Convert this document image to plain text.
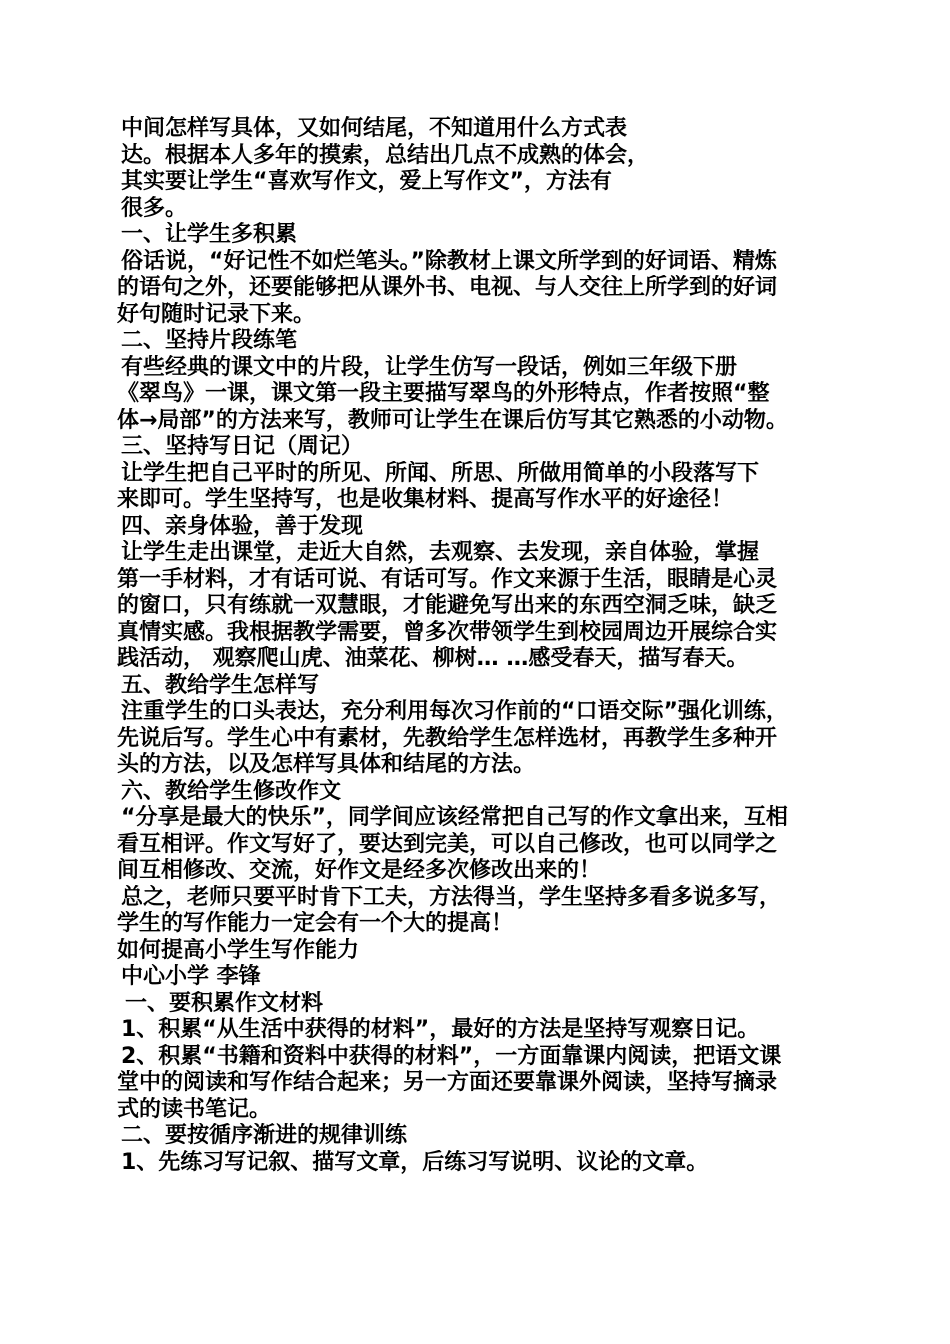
中间怎样写具体，又如何结尾，不知道用什么方式表
达。根据本人多年的摸索，总结出几点不成熟的体会，
其实要让学生“喜欢写作文，爱上写作文”，方法有
很多。
一、让学生多积累
俗话说，“好记性不如烂笔头。”除教材上课文所学到的好词语、精炼
的语句之外，还要能够把从课外书、电视、与人交往上所学到的好词
好句随时记录下来。
二、坚持片段练笔
有些经典的课文中的片段，让学生仿写一段话，例如三年级下册
《翠鸟》一课，课文第一段主要描写翠鸟的外形特点，作者按照“整
体→局部”的方法来写，教师可让学生在课后仿写其它熟悉的小动物。
三、坚持写日记（周记）
让学生把自己平时的所见、所闻、所思、所做用简单的小段落写下
来即可。学生坚持写，也是收集材料、提高写作水平的好途径！
四、亲身体验，善于发现
让学生走出课堂，走近大自然，去观察、去发现，亲自体验，掌握
第一手材料，才有话可说、有话可写。作文来源于生活，眼睛是心灵
的窗口，只有练就一双慧眼，才能避免写出来的东西空洞乏味，缺乏
真情实感。我根据教学需要，曾多次带领学生到校园周边开展综合实
践活动， 观察爬山虎、油菜花、柳树… …感受春天，描写春天。
五、教给学生怎样写
注重学生的口头表达，充分利用每次习作前的“口语交际”强化训练，
先说后写。学生心中有素材，先教给学生怎样选材，再教学生多种开
头的方法，以及怎样写具体和结尾的方法。
六、教给学生修改作文
“分享是最大的快乐”，同学间应该经常把自己写的作文拿出来，互相
看互相评。作文写好了，要达到完美，可以自己修改，也可以同学之
间互相修改、交流，好作文是经多次修改出来的！
总之，老师只要平时肯下工夫，方法得当，学生坚持多看多说多写，
学生的写作能力一定会有一个大的提高！
如何提高小学生写作能力
中心小学 李锋
一、要积累作文材料
1、积累“从生活中获得的材料”，最好的方法是坚持写观察日记。
2、积累“书籍和资料中获得的材料”，一方面靠课内阅读，把语文课
堂中的阅读和写作结合起来；另一方面还要靠课外阅读，坚持写摘录
式的读书笔记。
二、要按循序渐进的规律训练
1、先练习写记叙、描写文章，后练习写说明、议论的文章。
